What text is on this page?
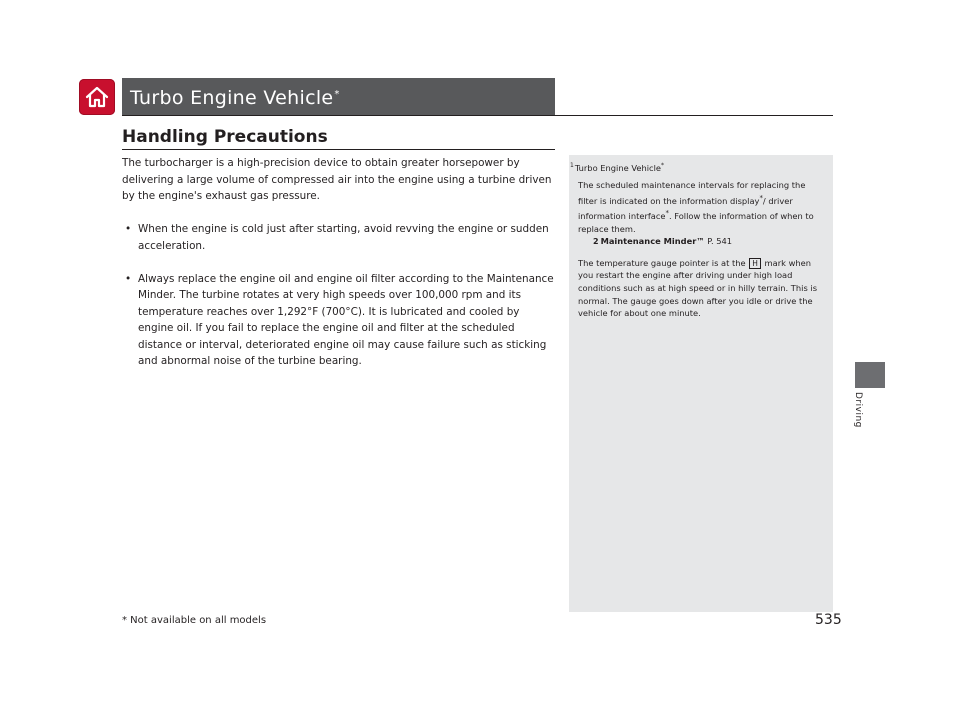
Turbo Engine Vehicle*
Handling Precautions

The turbocharger is a high-precision device to obtain greater horsepower by delivering a large volume of compressed air into the engine using a turbine driven by the engine's exhaust gas pressure.

• When the engine is cold just after starting, avoid revving the engine or sudden acceleration.
• Always replace the engine oil and engine oil filter according to the Maintenance Minder. The turbine rotates at very high speeds over 100,000 rpm and its temperature reaches over 1,292°F (700°C). It is lubricated and cooled by engine oil. If you fail to replace the engine oil and filter at the scheduled distance or interval, deteriorated engine oil may cause failure such as sticking and abnormal noise of the turbine bearing.
1 Turbo Engine Vehicle*

The scheduled maintenance intervals for replacing the filter is indicated on the information display*/ driver information interface*. Follow the information of when to replace them.

2 Maintenance Minder™ P. 541

The temperature gauge pointer is at the H mark when you restart the engine after driving under high load conditions such as at high speed or in hilly terrain. This is normal. The gauge goes down after you idle or drive the vehicle for about one minute.

Driving
* Not available on all models	535
